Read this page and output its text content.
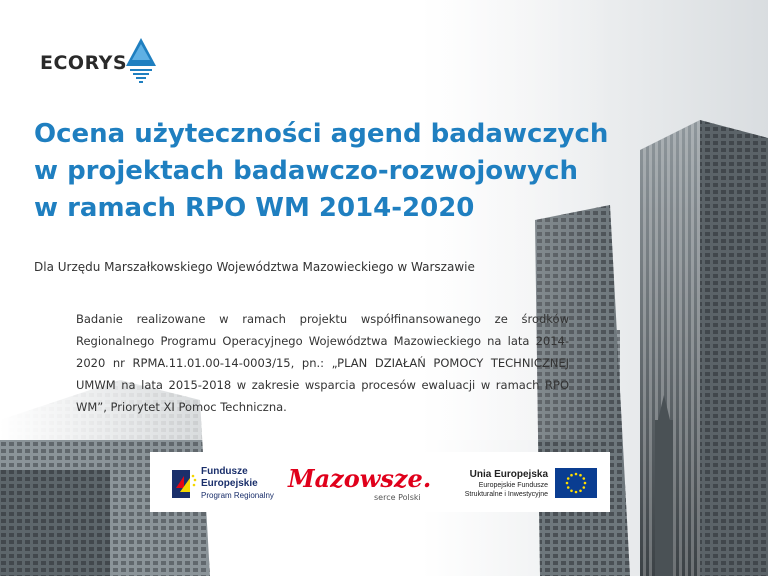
ECORYS
Ocena użyteczności agend badawczych
w projektach badawczo-rozwojowych
w ramach RPO WM 2014-2020

Dla Urzędu Marszałkowskiego Województwa Mazowieckiego w Warszawie

Badanie realizowane w ramach projektu współfinansowanego ze środków Regionalnego Programu Operacyjnego Województwa Mazowieckiego na lata 2014-2020 nr RPMA.11.01.00-14-0003/15, pn.: „PLAN DZIAŁAŃ POMOCY TECHNICZNEJ UMWM na lata 2015-2018 w zakresie wsparcia procesów ewaluacji w ramach RPO WM”, Priorytet XI Pomoc Techniczna.

Fundusze
Europejskie
Program Regionalny
Mazowsze.
serce Polski
Unia Europejska
Europejskie Fundusze
Strukturalne i Inwestycyjne
